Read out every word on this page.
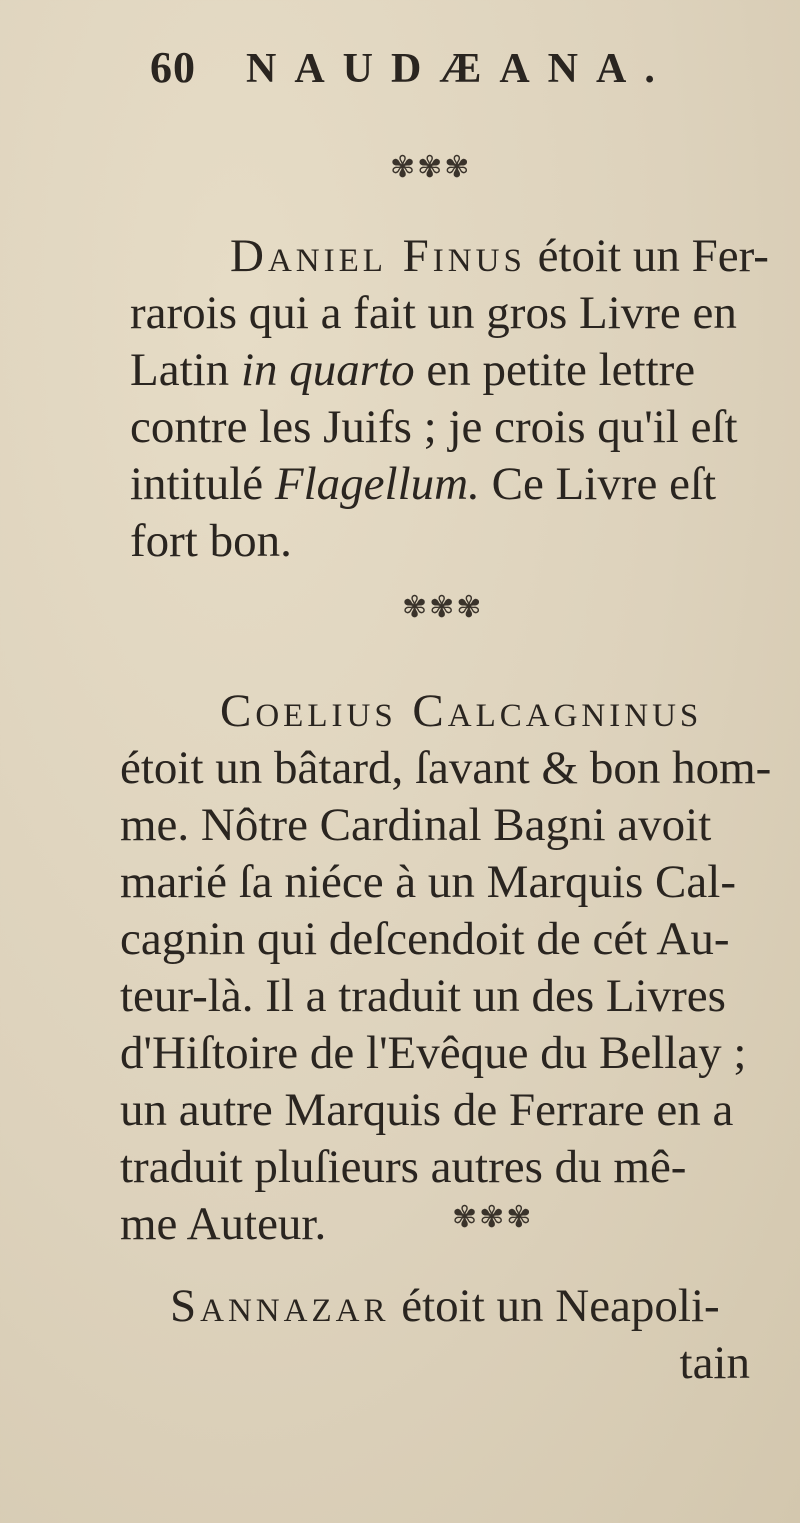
60 NAUDÆANA.
✾✾✾

Daniel Finus étoit un Fer-
rarois qui a fait un gros Livre en
Latin in quarto en petite lettre
contre les Juifs ; je crois qu'il eſt
intitulé Flagellum. Ce Livre eſt
fort bon.

✾✾✾

Coelius Calcagninus
étoit un bâtard, ſavant & bon hom-
me. Nôtre Cardinal Bagni avoit
marié ſa niéce à un Marquis Cal-
cagnin qui deſcendoit de cét Au-
teur-là. Il a traduit un des Livres
d'Hiſtoire de l'Evêque du Bellay ;
un autre Marquis de Ferrare en a
traduit pluſieurs autres du mê-
me Auteur.	✾✾✾

Sannazar étoit un Neapoli-
tain
